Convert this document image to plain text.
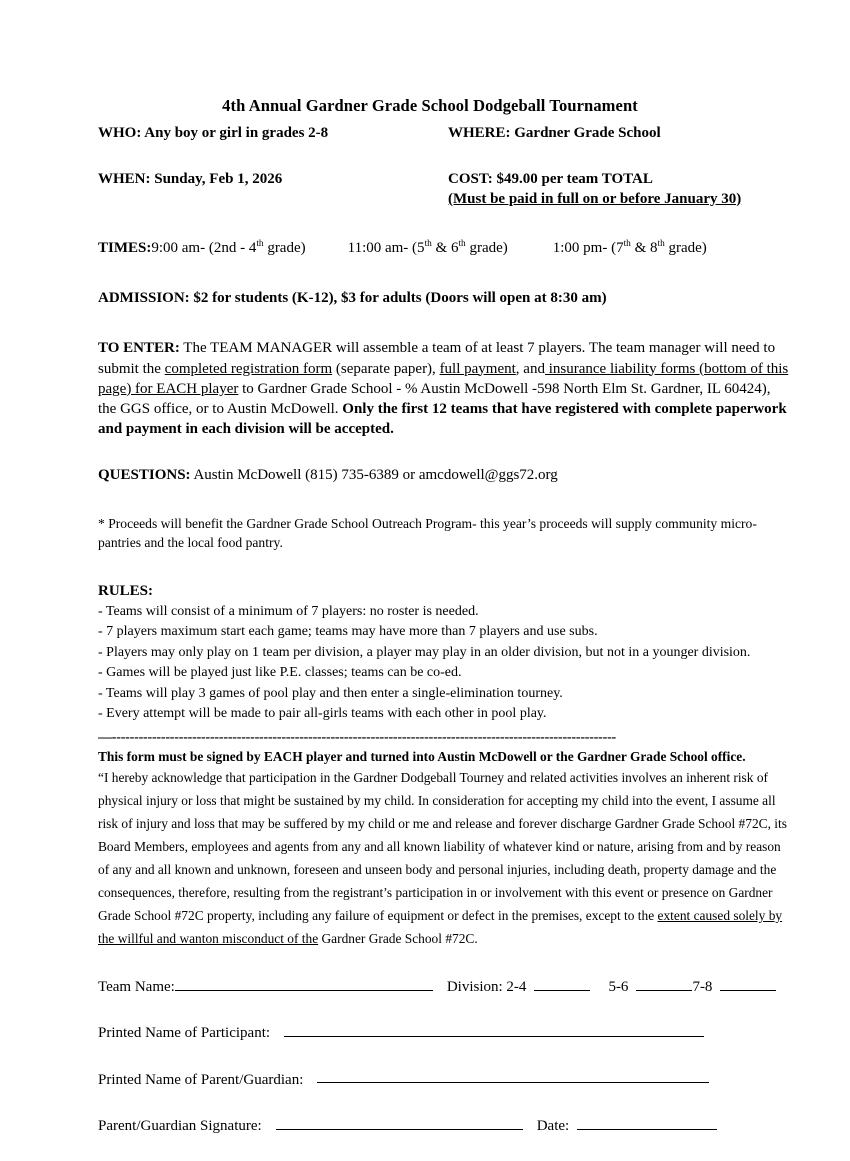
4th Annual Gardner Grade School Dodgeball Tournament
WHO: Any boy or girl in grades 2-8	WHERE: Gardner Grade School
WHEN: Sunday, Feb 1, 2026	COST: $49.00 per team TOTAL
(Must be paid in full on or before January 30)
TIMES:9:00 am- (2nd - 4th grade)	11:00 am- (5th & 6th grade)	1:00 pm- (7th & 8th grade)
ADMISSION: $2 for students (K-12), $3 for adults (Doors will open at 8:30 am)
TO ENTER: The TEAM MANAGER will assemble a team of at least 7 players. The team manager will need to submit the completed registration form (separate paper), full payment, and insurance liability forms (bottom of this page) for EACH player to Gardner Grade School - % Austin McDowell -598 North Elm St. Gardner, IL 60424), the GGS office, or to Austin McDowell. Only the first 12 teams that have registered with complete paperwork and payment in each division will be accepted.
QUESTIONS: Austin McDowell (815) 735-6389 or amcdowell@ggs72.org
* Proceeds will benefit the Gardner Grade School Outreach Program- this year’s proceeds will supply community micro-pantries and the local food pantry.
RULES:
- Teams will consist of a minimum of 7 players: no roster is needed.
- 7 players maximum start each game; teams may have more than 7 players and use subs.
- Players may only play on 1 team per division, a player may play in an older division, but not in a younger division.
- Games will be played just like P.E. classes; teams can be co-ed.
- Teams will play 3 games of pool play and then enter a single-elimination tourney.
- Every attempt will be made to pair all-girls teams with each other in pool play.
—-----------------------------------------------------------------------------------------------------------------
This form must be signed by EACH player and turned into Austin McDowell or the Gardner Grade School office.
“I hereby acknowledge that participation in the Gardner Dodgeball Tourney and related activities involves an inherent risk of physical injury or loss that might be sustained by my child. In consideration for accepting my child into the event, I assume all risk of injury and loss that may be suffered by my child or me and release and forever discharge Gardner Grade School #72C, its Board Members, employees and agents from any and all known liability of whatever kind or nature, arising from and by reason of any and all known and unknown, foreseen and unseen body and personal injuries, including death, property damage and the consequences, therefore, resulting from the registrant’s participation in or involvement with this event or presence on Gardner Grade School #72C property, including any failure of equipment or defect in the premises, except to the extent caused solely by the willful and wanton misconduct of the Gardner Grade School #72C.
Team Name:	Division: 2-4	5-6	7-8
Printed Name of Participant:
Printed Name of Parent/Guardian:
Parent/Guardian Signature:	Date:
